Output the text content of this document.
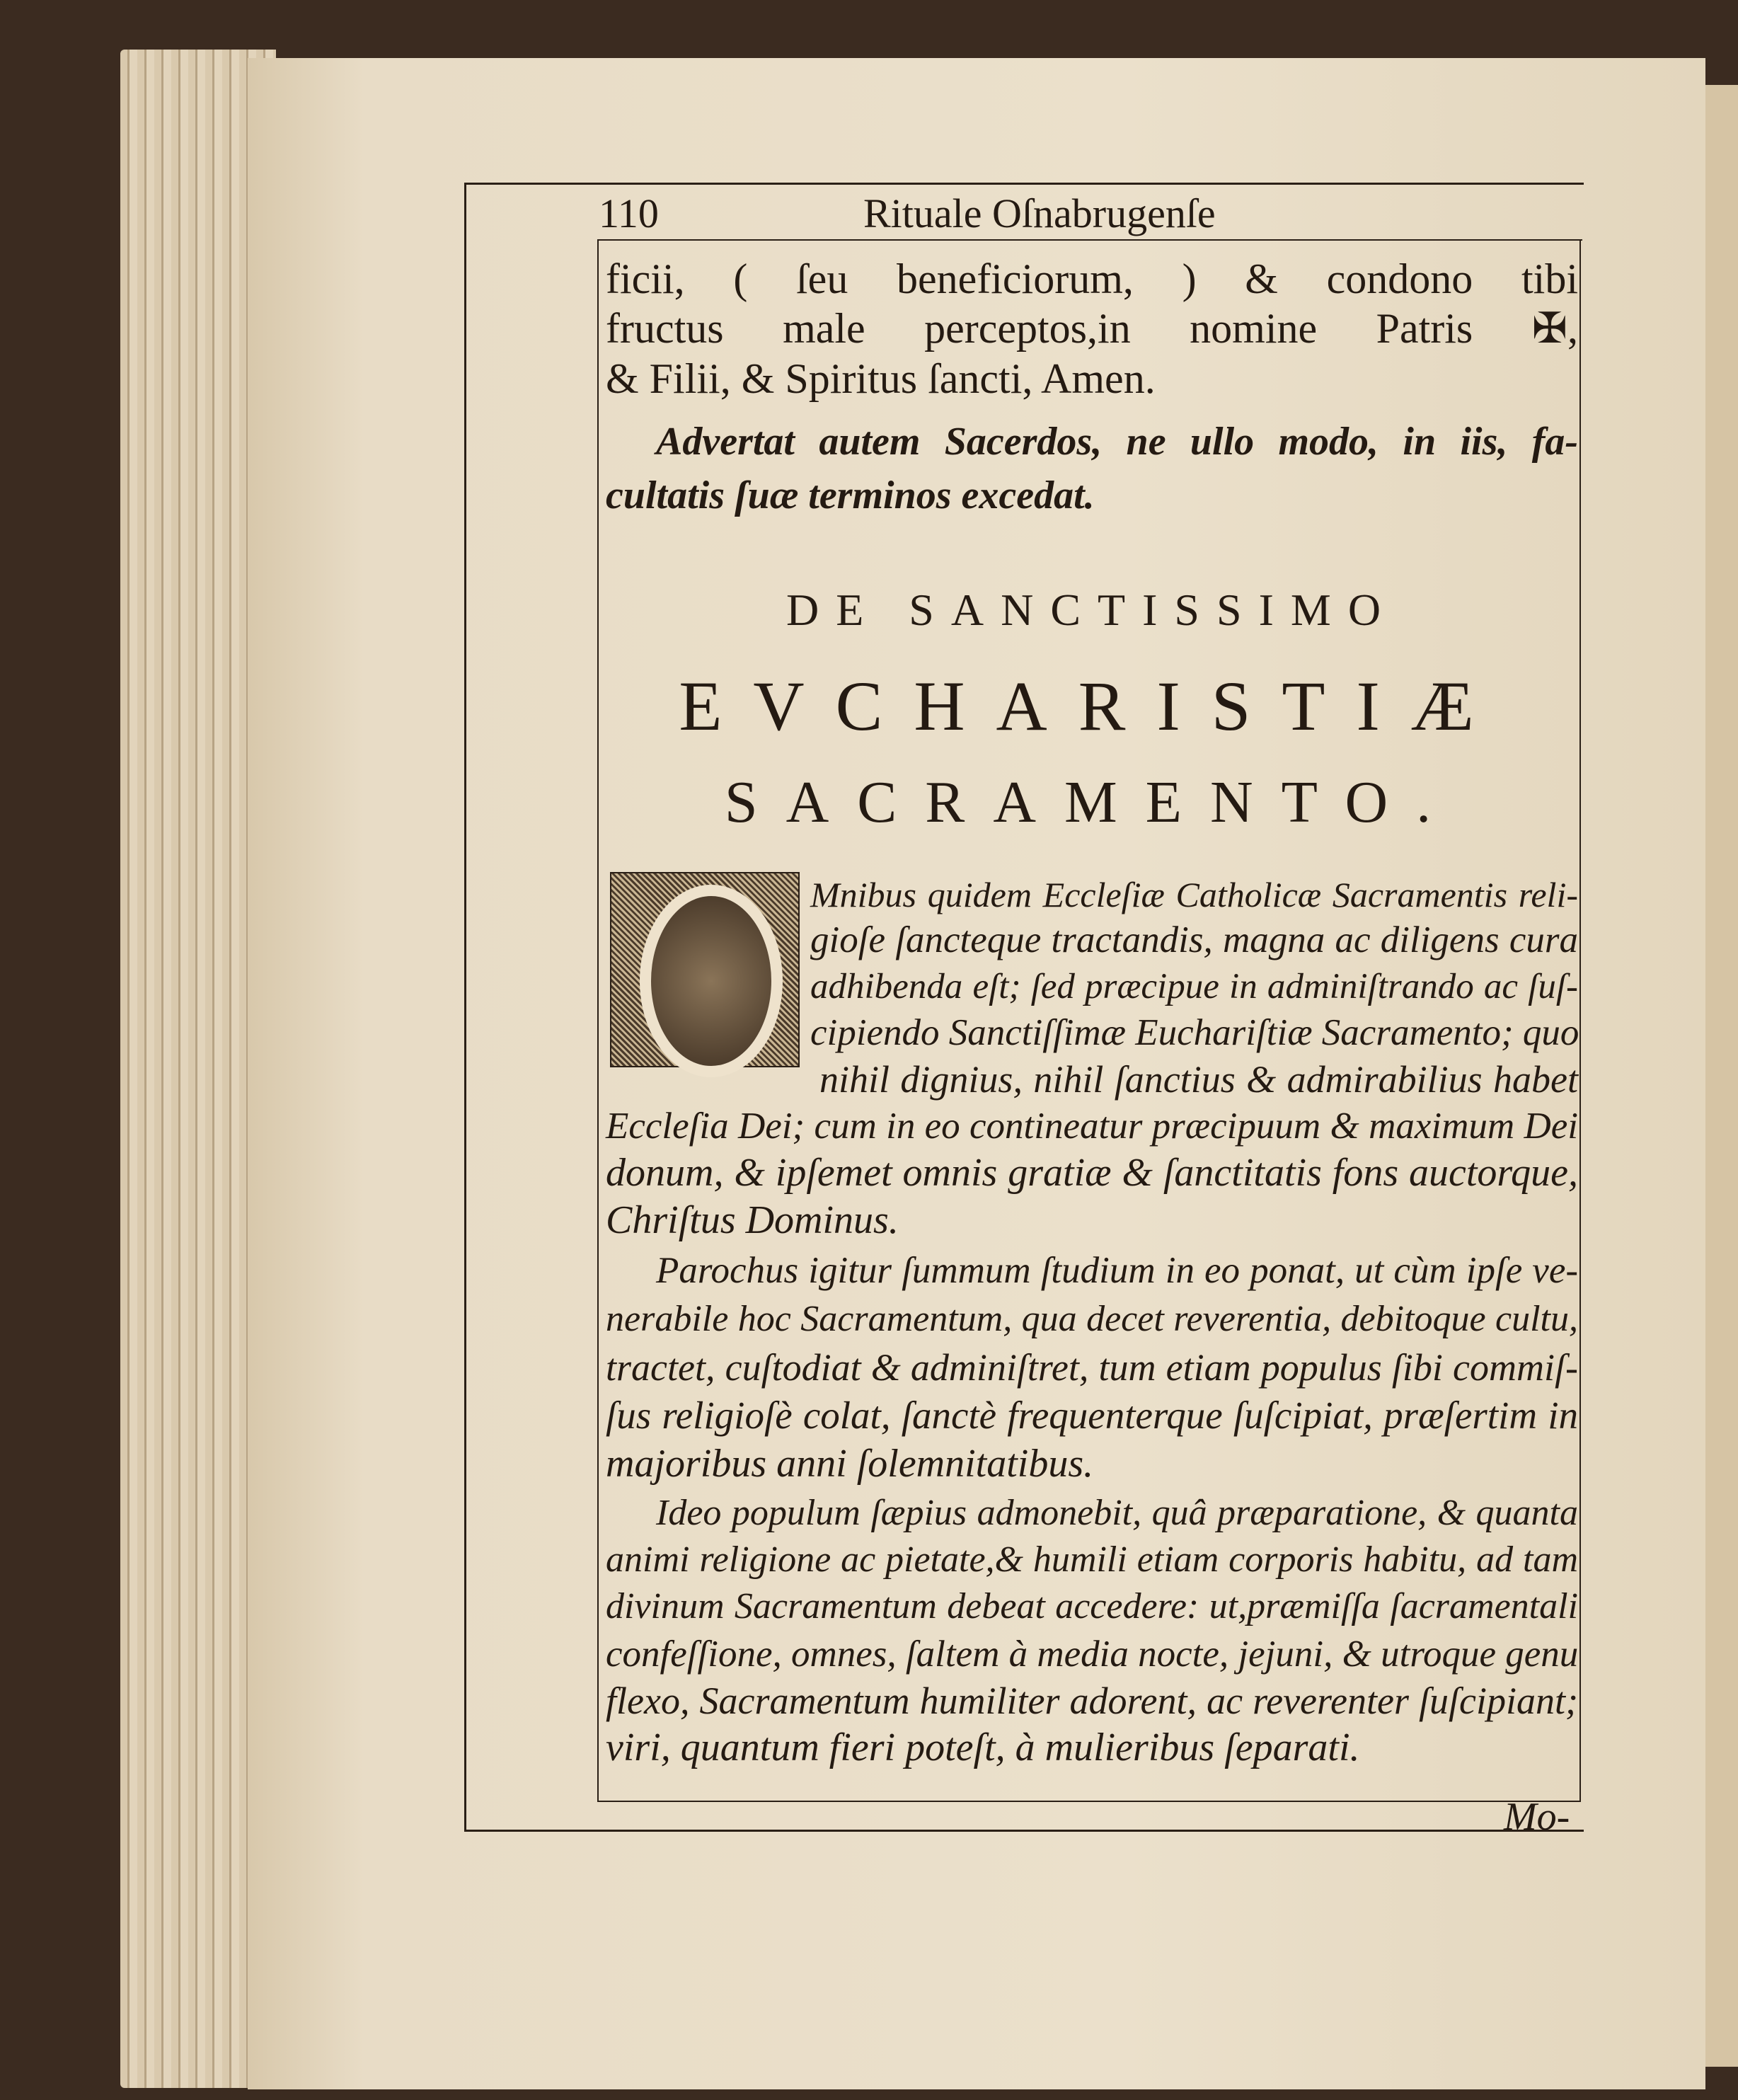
110	Rituale Oſnabrugenſe
ficii, ( ſeu beneficiorum, ) & condono tibi
fructus male perceptos,in nomine Patris ✠,
& Filii, & Spiritus ſancti, Amen.
Advertat autem Sacerdos, ne ullo modo, in iis, fa-
cultatis ſuæ terminos excedat.
DE SANCTISSIMO
EVCHARISTIÆ
SACRAMENTO.
Mnibus quidem Eccleſiæ Catholicæ Sacramentis reli-
gioſe ſancteque tractandis, magna ac diligens cura
adhibenda eſt; ſed præcipue in adminiſtrando ac ſuſ-
cipiendo Sanctiſſimæ Euchariſtiæ Sacramento; quo
nihil dignius, nihil ſanctius & admirabilius habet
Eccleſia Dei; cum in eo contineatur præcipuum & maximum Dei
donum, & ipſemet omnis gratiæ & ſanctitatis fons auctorque,
Chriſtus Dominus.
Parochus igitur ſummum ſtudium in eo ponat, ut cùm ipſe ve-
nerabile hoc Sacramentum, qua decet reverentia, debitoque cultu,
tractet, cuſtodiat & adminiſtret, tum etiam populus ſibi commiſ-
ſus religioſè colat, ſanctè frequenterque ſuſcipiat, præſertim in
majoribus anni ſolemnitatibus.
Ideo populum ſæpius admonebit, quâ præparatione, & quanta
animi religione ac pietate,& humili etiam corporis habitu, ad tam
divinum Sacramentum debeat accedere: ut,præmiſſa ſacramentali
confeſſione, omnes, ſaltem à media nocte, jejuni, & utroque genu
flexo, Sacramentum humiliter adorent, ac reverenter ſuſcipiant;
viri, quantum fieri poteſt, à mulieribus ſeparati.
Mo-
